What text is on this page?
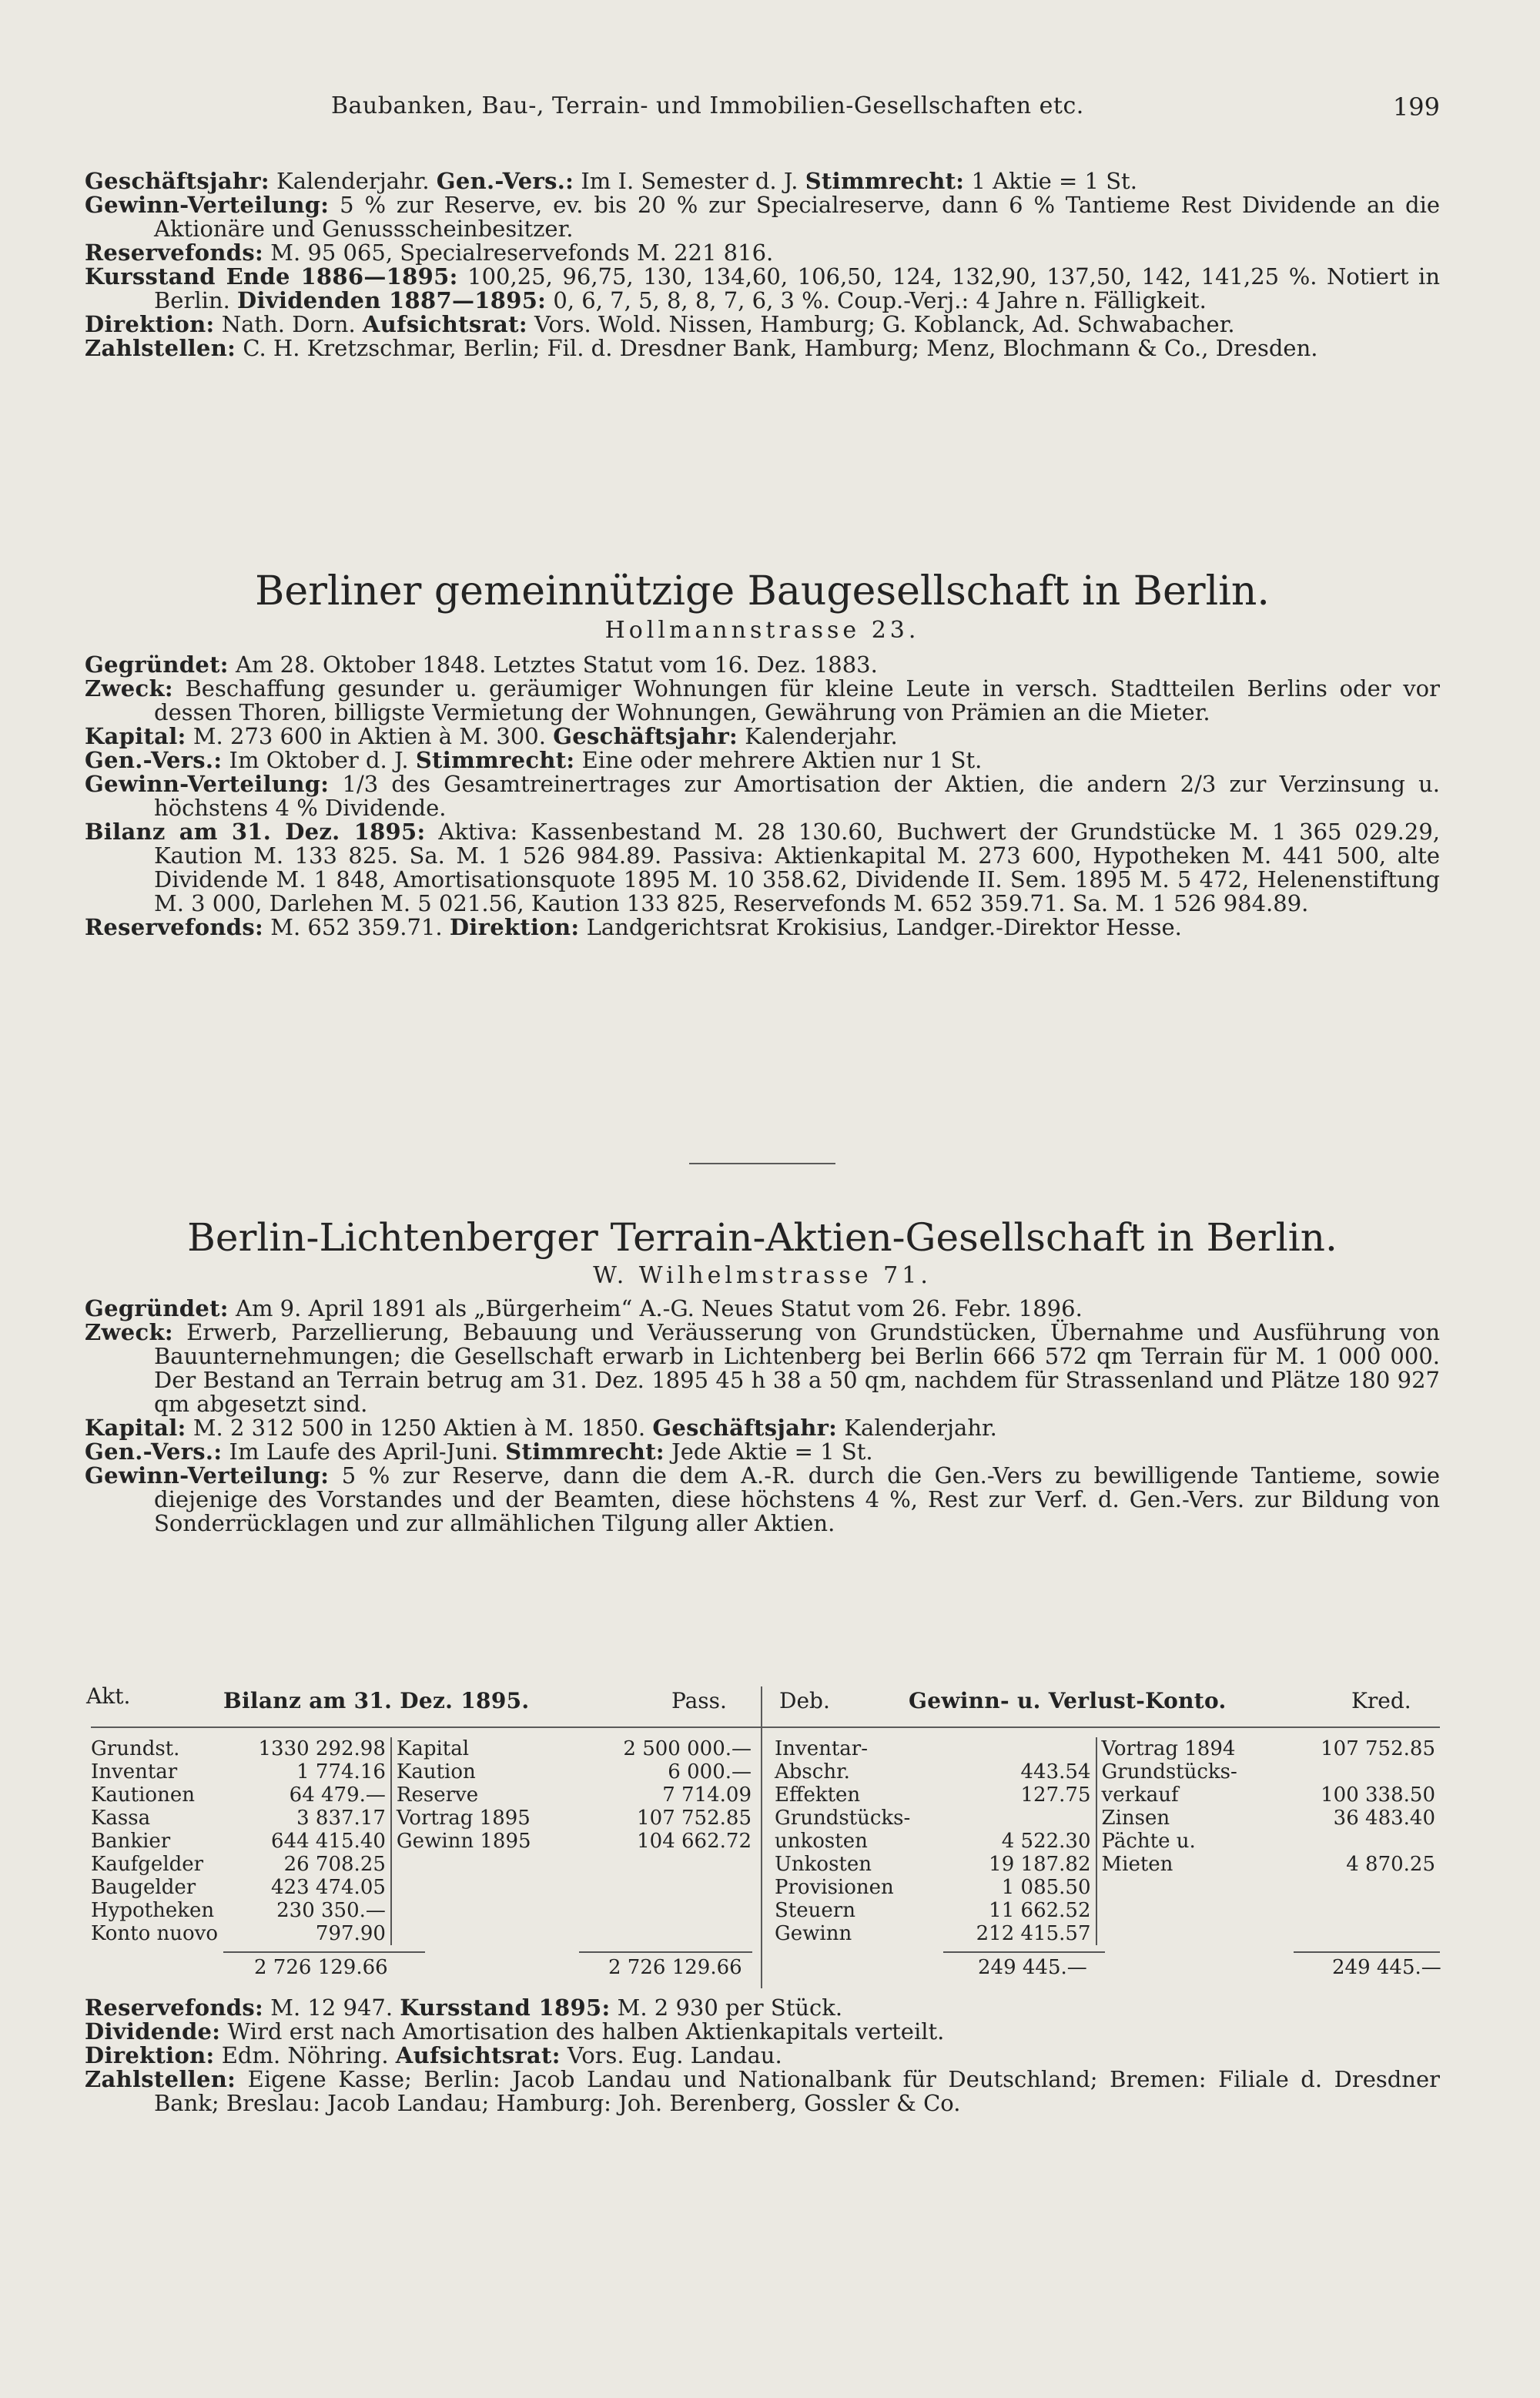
Baubanken, Bau-, Terrain- und Immobilien-Gesellschaften etc.	199

Geschäftsjahr: Kalenderjahr. Gen.-Vers.: Im I. Semester d. J. Stimmrecht: 1 Aktie = 1 St.

Gewinn-Verteilung: 5 % zur Reserve, ev. bis 20 % zur Specialreserve, dann 6 % Tantieme Rest Dividende an die Aktionäre und Genussscheinbesitzer.

Reservefonds: M. 95 065, Specialreservefonds M. 221 816.

Kursstand Ende 1886—1895: 100,25, 96,75, 130, 134,60, 106,50, 124, 132,90, 137,50, 142, 141,25 %. Notiert in Berlin. Dividenden 1887—1895: 0, 6, 7, 5, 8, 8, 7, 6, 3 %. Coup.-Verj.: 4 Jahre n. Fälligkeit.

Direktion: Nath. Dorn. Aufsichtsrat: Vors. Wold. Nissen, Hamburg; G. Koblanck, Ad. Schwabacher.

Zahlstellen: C. H. Kretzschmar, Berlin; Fil. d. Dresdner Bank, Hamburg; Menz, Blochmann & Co., Dresden.

Berliner gemeinnützige Baugesellschaft in Berlin.
Hollmannstrasse 23.

Gegründet: Am 28. Oktober 1848. Letztes Statut vom 16. Dez. 1883.

Zweck: Beschaffung gesunder u. geräumiger Wohnungen für kleine Leute in versch. Stadtteilen Berlins oder vor dessen Thoren, billigste Vermietung der Wohnungen, Gewährung von Prämien an die Mieter.

Kapital: M. 273 600 in Aktien à M. 300. Geschäftsjahr: Kalenderjahr.

Gen.-Vers.: Im Oktober d. J. Stimmrecht: Eine oder mehrere Aktien nur 1 St.

Gewinn-Verteilung: 1/3 des Gesamtreinertrages zur Amortisation der Aktien, die andern 2/3 zur Verzinsung u. höchstens 4 % Dividende.

Bilanz am 31. Dez. 1895: Aktiva: Kassenbestand M. 28 130.60, Buchwert der Grundstücke M. 1 365 029.29, Kaution M. 133 825. Sa. M. 1 526 984.89. Passiva: Aktienkapital M. 273 600, Hypotheken M. 441 500, alte Dividende M. 1 848, Amortisationsquote 1895 M. 10 358.62, Dividende II. Sem. 1895 M. 5 472, Helenenstiftung M. 3 000, Darlehen M. 5 021.56, Kaution 133 825, Reservefonds M. 652 359.71. Sa. M. 1 526 984.89.

Reservefonds: M. 652 359.71. Direktion: Landgerichtsrat Krokisius, Landger.-Direktor Hesse.

Berlin-Lichtenberger Terrain-Aktien-Gesellschaft in Berlin.
W. Wilhelmstrasse 71.

Gegründet: Am 9. April 1891 als „Bürgerheim“ A.-G. Neues Statut vom 26. Febr. 1896.

Zweck: Erwerb, Parzellierung, Bebauung und Veräusserung von Grundstücken, Übernahme und Ausführung von Bauunternehmungen; die Gesellschaft erwarb in Lichtenberg bei Berlin 666 572 qm Terrain für M. 1 000 000. Der Bestand an Terrain betrug am 31. Dez. 1895 45 h 38 a 50 qm, nachdem für Strassenland und Plätze 180 927 qm abgesetzt sind.

Kapital: M. 2 312 500 in 1250 Aktien à M. 1850. Geschäftsjahr: Kalenderjahr.

Gen.-Vers.: Im Laufe des April-Juni. Stimmrecht: Jede Aktie = 1 St.

Gewinn-Verteilung: 5 % zur Reserve, dann die dem A.-R. durch die Gen.-Vers zu bewilligende Tantieme, sowie diejenige des Vorstandes und der Beamten, diese höchstens 4 %, Rest zur Verf. d. Gen.-Vers. zur Bildung von Sonderrücklagen und zur allmählichen Tilgung aller Aktien.

Akt.	Bilanz am 31. Dez. 1895.	Pass. Deb.	Gewinn- u. Verlust-Konto.	Kred.
Grundst.	1330 292.98	Kapital	2 500 000.—
Inventar	1 774.16	Kaution	6 000.—
Kautionen	64 479.—	Reserve	7 714.09
Kassa	3 837.17	Vortrag 1895	107 752.85
Bankier	644 415.40	Gewinn 1895	104 662.72
Kaufgelder	26 708.25		
Baugelder	423 474.05		
Hypotheken	230 350.—		
Konto nuovo	797.90		
2 726 129.66	2 726 129.66
Inventar-		Vortrag 1894	107 752.85
Abschr.	443.54	Grundstücks-	
Effekten	127.75	verkauf	100 338.50
Grundstücks-		Zinsen	36 483.40
unkosten	4 522.30	Pächte u.	
Unkosten	19 187.82	Mieten	4 870.25
Provisionen	1 085.50		
Steuern	11 662.52		
Gewinn	212 415.57		
249 445.—	249 445.—

Reservefonds: M. 12 947. Kursstand 1895: M. 2 930 per Stück.

Dividende: Wird erst nach Amortisation des halben Aktienkapitals verteilt.

Direktion: Edm. Nöhring. Aufsichtsrat: Vors. Eug. Landau.

Zahlstellen: Eigene Kasse; Berlin: Jacob Landau und Nationalbank für Deutschland; Bremen: Filiale d. Dresdner Bank; Breslau: Jacob Landau; Hamburg: Joh. Berenberg, Gossler & Co.
